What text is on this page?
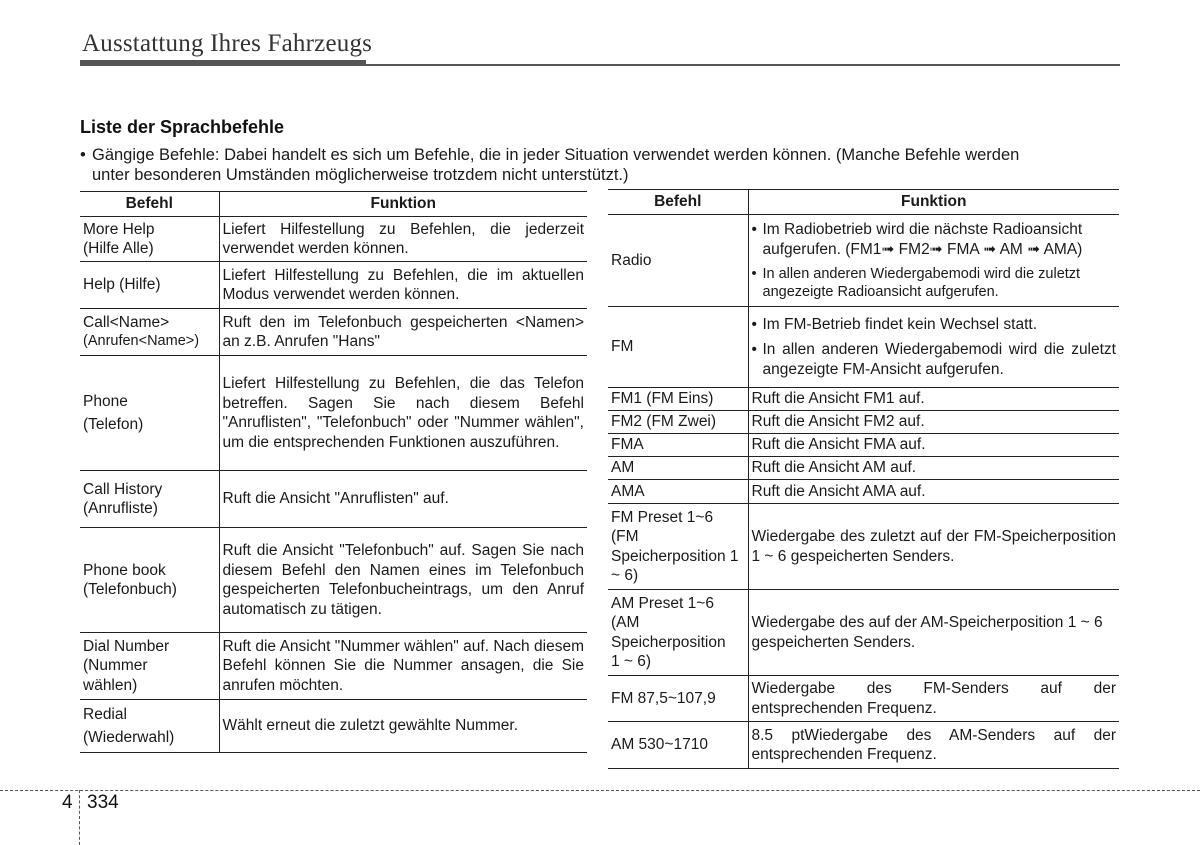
Ausstattung Ihres Fahrzeugs
Liste der Sprachbefehle
• Gängige Befehle: Dabei handelt es sich um Befehle, die in jeder Situation verwendet werden können. (Manche Befehle werden
unter besonderen Umständen möglicherweise trotzdem nicht unterstützt.)
Befehl	Funktion

More Help
(Hilfe Alle)	Liefert Hilfestellung zu Befehlen, die jederzeit verwendet werden können.

Help (Hilfe)	Liefert Hilfestellung zu Befehlen, die im aktuellen Modus verwendet werden können.

Call<Name>
(Anrufen<Name>)	Ruft den im Telefonbuch gespeicherten <Namen> an z.B. Anrufen "Hans"

Phone
(Telefon)	Liefert Hilfestellung zu Befehlen, die das Telefon betreffen. Sagen Sie nach diesem Befehl "Anruflisten", "Telefonbuch" oder "Nummer wählen", um die entsprechenden Funktionen auszuführen.

Call History
(Anrufliste)	Ruft die Ansicht "Anruflisten" auf.

Phone book
(Telefonbuch)	Ruft die Ansicht "Telefonbuch" auf. Sagen Sie nach diesem Befehl den Namen eines im Telefonbuch gespeicherten Telefonbucheintrags, um den Anruf automatisch zu tätigen.

Dial Number
(Nummer
wählen)	Ruft die Ansicht "Nummer wählen" auf. Nach diesem Befehl können Sie die Nummer ansagen, die Sie anrufen möchten.

Redial
(Wiederwahl)	Wählt erneut die zuletzt gewählte Nummer.
Befehl	Funktion
Radio	• Im Radiobetrieb wird die nächste Radioansicht aufgerufen. (FM1➟ FM2➟ FMA ➟ AM ➟ AMA)
• In allen anderen Wiedergabemodi wird die zuletzt angezeigte Radioansicht aufgerufen.

FM	• Im FM-Betrieb findet kein Wechsel statt.
• In allen anderen Wiedergabemodi wird die zuletzt angezeigte FM-Ansicht aufgerufen.

FM1 (FM Eins)	Ruft die Ansicht FM1 auf.
FM2 (FM Zwei)	Ruft die Ansicht FM2 auf.
FMA	Ruft die Ansicht FMA auf.
AM	Ruft die Ansicht AM auf.
AMA	Ruft die Ansicht AMA auf.

FM Preset 1~6
(FM
Speicherposition 1
~ 6)	Wiedergabe des zuletzt auf der FM-Speicherposition 1 ~ 6 gespeicherten Senders.

AM Preset 1~6
(AM
Speicherposition
1 ~ 6)	Wiedergabe des auf der AM-Speicherposition 1 ~ 6 gespeicherten Senders.
FM 87,5~107,9	Wiedergabe des FM-Senders auf der entsprechenden Frequenz.
AM 530~1710	8.5 ptWiedergabe des AM-Senders auf der entsprechenden Frequenz.
4 334
